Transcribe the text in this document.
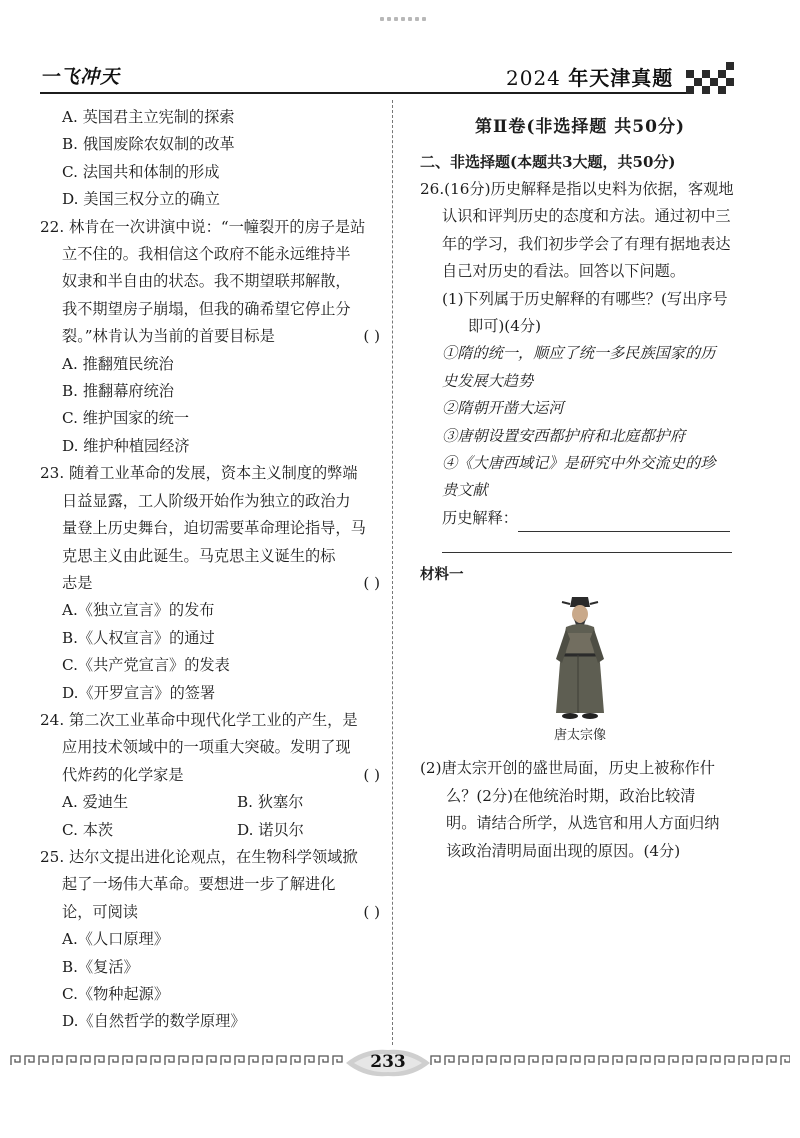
一飞冲天	2024 年天津真题
A. 英国君主立宪制的探索
B. 俄国废除农奴制的改革
C. 法国共和体制的形成
D. 美国三权分立的确立
22. 林肯在一次讲演中说：“一幢裂开的房子是站
立不住的。我相信这个政府不能永远维持半
奴隶和半自由的状态。我不期望联邦解散，
我不期望房子崩塌，但我的确希望它停止分
裂。”林肯认为当前的首要目标是	( )
A. 推翻殖民统治
B. 推翻幕府统治
C. 维护国家的统一
D. 维护种植园经济
23. 随着工业革命的发展，资本主义制度的弊端
日益显露，工人阶级开始作为独立的政治力
量登上历史舞台，迫切需要革命理论指导，马
克思主义由此诞生。马克思主义诞生的标
志是	( )
A.《独立宣言》的发布
B.《人权宣言》的通过
C.《共产党宣言》的发表
D.《开罗宣言》的签署
24. 第二次工业革命中现代化学工业的产生，是
应用技术领域中的一项重大突破。发明了现
代炸药的化学家是	( )
A. 爱迪生	B. 狄塞尔
C. 本茨	D. 诺贝尔
25. 达尔文提出进化论观点，在生物科学领域掀
起了一场伟大革命。要想进一步了解进化
论，可阅读	( )
A.《人口原理》
B.《复活》
C.《物种起源》
D.《自然哲学的数学原理》
第Ⅱ卷(非选择题 共50分)
二、非选择题(本题共3大题，共50分)
26.(16分)历史解释是指以史料为依据，客观地
认识和评判历史的态度和方法。通过初中三
年的学习，我们初步学会了有理有据地表达
自己对历史的看法。回答以下问题。
(1)下列属于历史解释的有哪些？(写出序号
即可)(4分)
①隋的统一，顺应了统一多民族国家的历
史发展大趋势
②隋朝开凿大运河
③唐朝设置安西都护府和北庭都护府
④《大唐西域记》是研究中外交流史的珍
贵文献
历史解释：
材料一
唐太宗像
(2)唐太宗开创的盛世局面，历史上被称作什
么？(2分)在他统治时期，政治比较清
明。请结合所学，从选官和用人方面归纳
该政治清明局面出现的原因。(4分)
233
